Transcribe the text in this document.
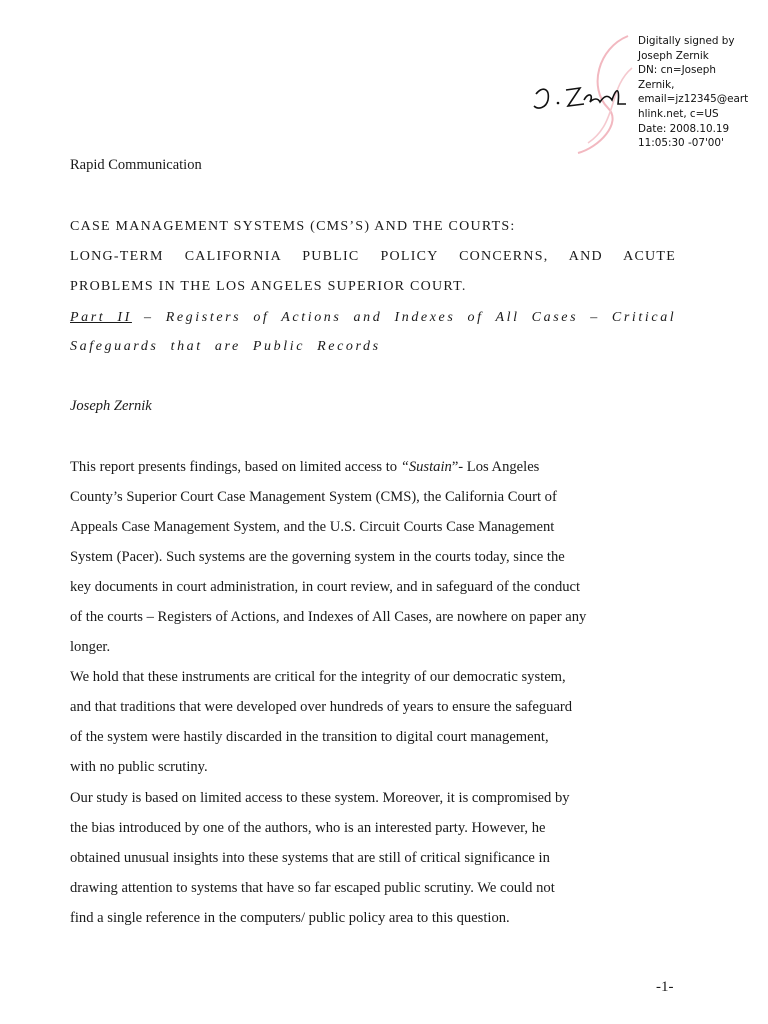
Digitally signed by
Joseph Zernik
DN: cn=Joseph
Zernik,
email=jz12345@eart
hlink.net, c=US
Date: 2008.10.19
11:05:30 -07'00'
Rapid Communication
CASE MANAGEMENT SYSTEMS (CMS’S) AND THE COURTS:
LONG-TERM CALIFORNIA PUBLIC POLICY CONCERNS, AND ACUTE
PROBLEMS IN THE LOS ANGELES SUPERIOR COURT.
Part II – Registers of Actions and Indexes of All Cases – Critical
Safeguards that are Public Records
Joseph Zernik
This report presents findings, based on limited access to “Sustain”- Los Angeles
County’s Superior Court Case Management System (CMS), the California Court of
Appeals Case Management System, and the U.S. Circuit Courts Case Management
System (Pacer). Such systems are the governing system in the courts today, since the
key documents in court administration, in court review, and in safeguard of the conduct
of the courts – Registers of Actions, and Indexes of All Cases, are nowhere on paper any
longer.
We hold that these instruments are critical for the integrity of our democratic system,
and that traditions that were developed over hundreds of years to ensure the safeguard
of the system were hastily discarded in the transition to digital court management,
with no public scrutiny.
Our study is based on limited access to these system. Moreover, it is compromised by
the bias introduced by one of the authors, who is an interested party. However, he
obtained unusual insights into these systems that are still of critical significance in
drawing attention to systems that have so far escaped public scrutiny. We could not
find a single reference in the computers/ public policy area to this question.
-1-
